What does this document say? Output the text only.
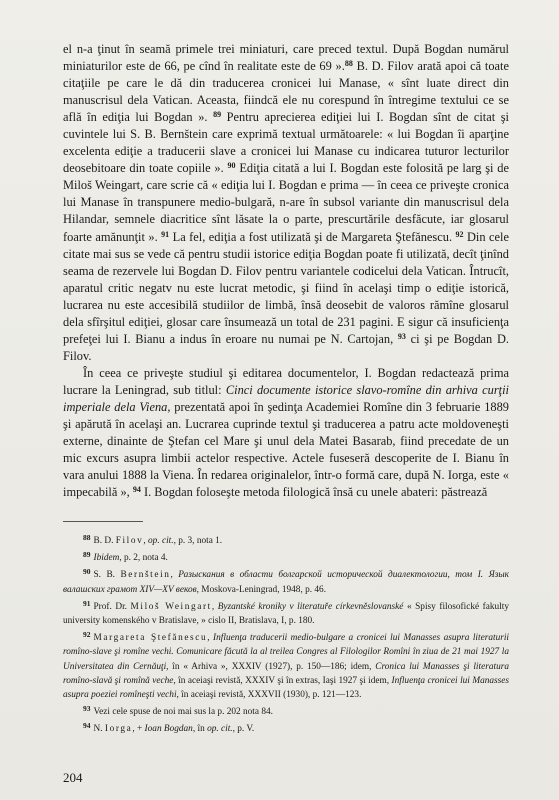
el n-a ţinut în seamă primele trei miniaturi, care preced textul. După Bogdan numărul miniaturilor este de 66, pe cînd în realitate este de 69 ».$^{88}$ B. D. Filov arată apoi că toate citaţiile pe care le dă din traducerea cronicei lui Manase, « sînt luate direct din manuscrisul dela Vatican. Aceasta, fiindcă ele nu corespund în întregime textului ce se află în ediţia lui Bogdan ». $^{89}$ Pentru aprecierea ediţiei lui I. Bogdan sînt de citat şi cuvintele lui S. B. Bernštein care exprimă textual următoarele: « lui Bogdan îi aparţine excelenta ediţie a traducerii slave a cronicei lui Manase cu indicarea tuturor lecturilor deosebitoare din toate copiile ». $^{90}$ Ediţia citată a lui I. Bogdan este folosită pe larg şi de Miloš Weingart, care scrie că « ediţia lui I. Bogdan e prima — în ceea ce priveşte cronica lui Manase în transpunere medio-bulgară, n-are în subsol variante din manuscrisul dela Hilandar, semnele diacritice sînt lăsate la o parte, prescurtările desfăcute, iar glosarul foarte amănunţit ». $^{91}$ La fel, ediţia a fost utilizată şi de Margareta Ştefănescu. $^{92}$ Din cele citate mai sus se vede că pentru studii istorice ediţia Bogdan poate fi utilizată, decît ţinînd seama de rezervele lui Bogdan D. Filov pentru variantele codicelui dela Vatican. Întrucît, aparatul critic negatv nu este lucrat metodic, şi fiind în acelaşi timp o ediţie istorică, lucrarea nu este accesibilă studiilor de limbă, însă deosebit de valoros rămîne glosarul dela sfîrşitul ediţiei, glosar care însumează un total de 231 pagini. E sigur că insuficienţa prefeţei lui I. Bianu a indus în eroare nu numai pe N. Cartojan, $^{93}$ ci şi pe Bogdan D. Filov.

În ceea ce priveşte studiul şi editarea documentelor, I. Bogdan redactează prima lucrare la Leningrad, sub titlul: Cinci documente istorice slavo-romîne din arhiva curţii imperiale dela Viena, prezentată apoi în şedinţa Academiei Romîne din 3 februarie 1889 şi apărută în acelaşi an. Lucrarea cuprinde textul şi traducerea a patru acte moldoveneşti externe, dinainte de Ştefan cel Mare şi unul dela Matei Basarab, fiind precedate de un mic excurs asupra limbii actelor respective. Actele fuseseră descoperite de I. Bianu în vara anului 1888 la Viena. În redarea originalelor, într-o formă care, după N. Iorga, este « impecabilă », $^{94}$ I. Bogdan foloseşte metoda filologică însă cu unele abateri: păstrează

$^{88}$ B. D. Filov, op. cit., p. 3, nota 1.

$^{89}$ Ibidem, p. 2, nota 4.

$^{90}$ S. B. Bernštein, Разыскания в области болгарской исторической диалектологии, том I. Язык валашских грамот XIV—XV веков, Moskova-Leningrad, 1948, p. 46.

$^{91}$ Prof. Dr. Miloš Weingart, Byzantské kroniky v literatuře církevněslovanské « Spisy filosofické fakulty university komenského v Bratislave, » cislo II, Bratislava, I, p. 180.

$^{92}$ Margareta Ştefănescu, Influenţa traducerii medio-bulgare a cronicei lui Manasses asupra literaturii romîno-slave şi romîne vechi. Comunicare făcută la al treilea Congres al Filologilor Romîni în ziua de 21 mai 1927 la Universitatea din Cernăuţi, în « Arhiva », XXXIV (1927), p. 150—186; idem, Cronica lui Manasses şi literatura romîno-slavă şi romînă veche, în aceiaşi revistă, XXXIV şi în extras, Iaşi 1927 şi idem, Influenţa cronicei lui Manasses asupra poeziei romîneşti vechi, în aceiaşi revistă, XXXVII (1930), p. 121—123.

$^{93}$ Vezi cele spuse de noi mai sus la p. 202 nota 84.

$^{94}$ N. Iorga, + Ioan Bogdan, în op. cit., p. V.

204
